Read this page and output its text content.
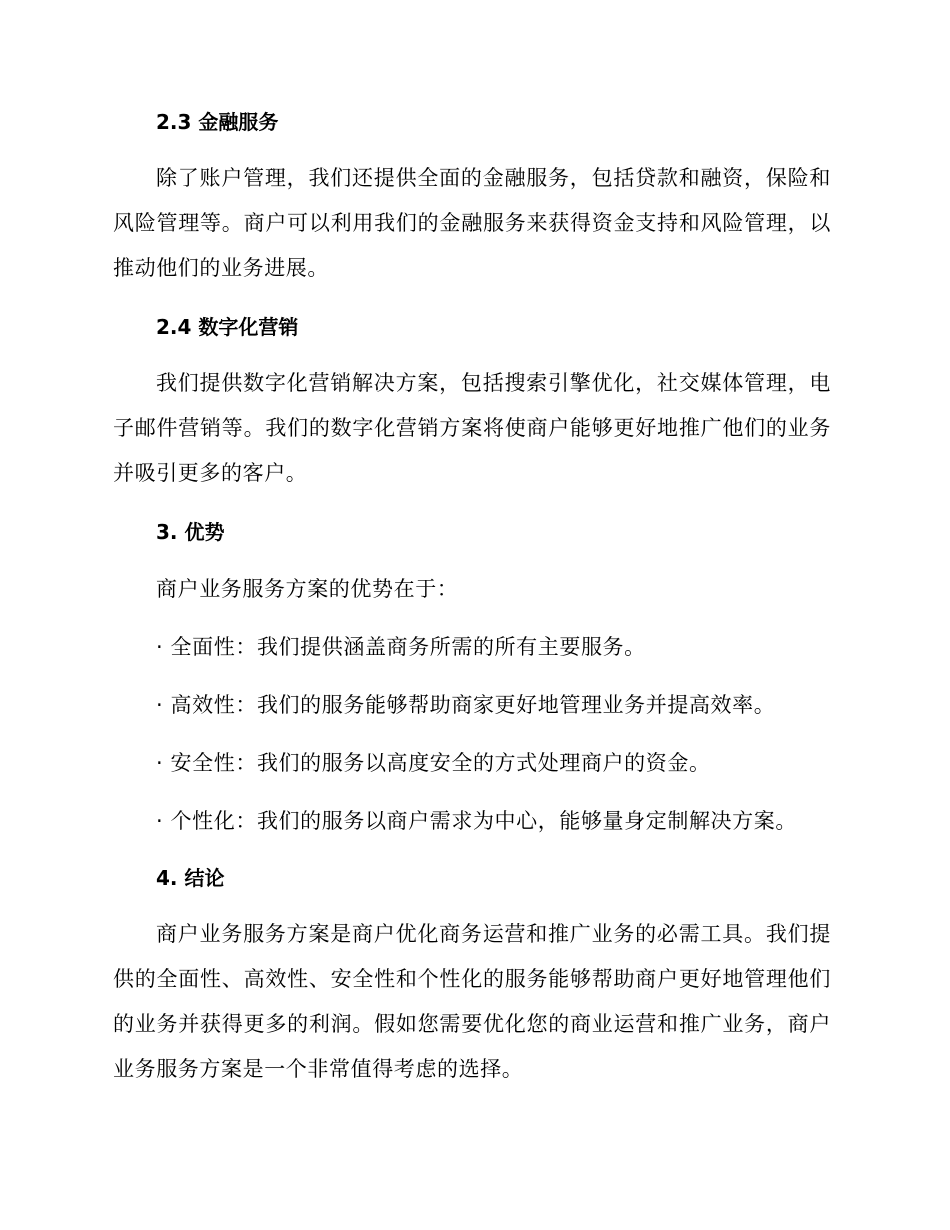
2.3 金融服务

除了账户管理，我们还提供全面的金融服务，包括贷款和融资，保险和风险管理等。商户可以利用我们的金融服务来获得资金支持和风险管理，以推动他们的业务进展。

2.4 数字化营销

我们提供数字化营销解决方案，包括搜索引擎优化，社交媒体管理，电子邮件营销等。我们的数字化营销方案将使商户能够更好地推广他们的业务并吸引更多的客户。

3. 优势

商户业务服务方案的优势在于：

· 全面性：我们提供涵盖商务所需的所有主要服务。

· 高效性：我们的服务能够帮助商家更好地管理业务并提高效率。

· 安全性：我们的服务以高度安全的方式处理商户的资金。

· 个性化：我们的服务以商户需求为中心，能够量身定制解决方案。

4. 结论

商户业务服务方案是商户优化商务运营和推广业务的必需工具。我们提供的全面性、高效性、安全性和个性化的服务能够帮助商户更好地管理他们的业务并获得更多的利润。假如您需要优化您的商业运营和推广业务，商户业务服务方案是一个非常值得考虑的选择。
